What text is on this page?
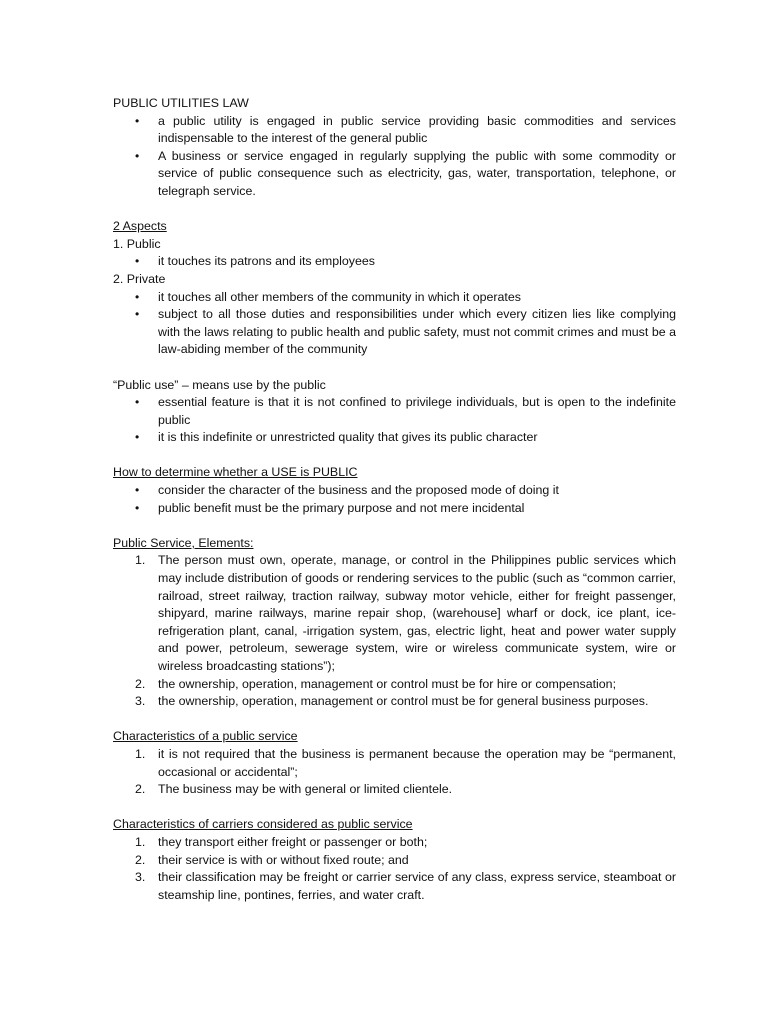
PUBLIC UTILITIES LAW

• a public utility is engaged in public service providing basic commodities and services indispensable to the interest of the general public
• A business or service engaged in regularly supplying the public with some commodity or service of public consequence such as electricity, gas, water, transportation, telephone, or telegraph service.

2 Aspects

1. Public

• it touches its patrons and its employees

2. Private

• it touches all other members of the community in which it operates
• subject to all those duties and responsibilities under which every citizen lies like complying with the laws relating to public health and public safety, must not commit crimes and must be a law-abiding member of the community

“Public use” – means use by the public

• essential feature is that it is not confined to privilege individuals, but is open to the indefinite public
• it is this indefinite or unrestricted quality that gives its public character

How to determine whether a USE is PUBLIC

• consider the character of the business and the proposed mode of doing it
• public benefit must be the primary purpose and not mere incidental

Public Service, Elements:

1. The person must own, operate, manage, or control in the Philippines public services which may include distribution of goods or rendering services to the public (such as “common carrier, railroad, street railway, traction railway, subway motor vehicle, either for freight passenger, shipyard, marine railways, marine repair shop, (warehouse] wharf or dock, ice plant, ice-refrigeration plant, canal, -irrigation system, gas, electric light, heat and power water supply and power, petroleum, sewerage system, wire or wireless communicate system, wire or wireless broadcasting stations”);
2. the ownership, operation, management or control must be for hire or compensation;
3. the ownership, operation, management or control must be for general business purposes.

Characteristics of a public service

1. it is not required that the business is permanent because the operation may be “permanent, occasional or accidental”;
2. The business may be with general or limited clientele.

Characteristics of carriers considered as public service

1. they transport either freight or passenger or both;
2. their service is with or without fixed route; and
3. their classification may be freight or carrier service of any class, express service, steamboat or steamship line, pontines, ferries, and water craft.
